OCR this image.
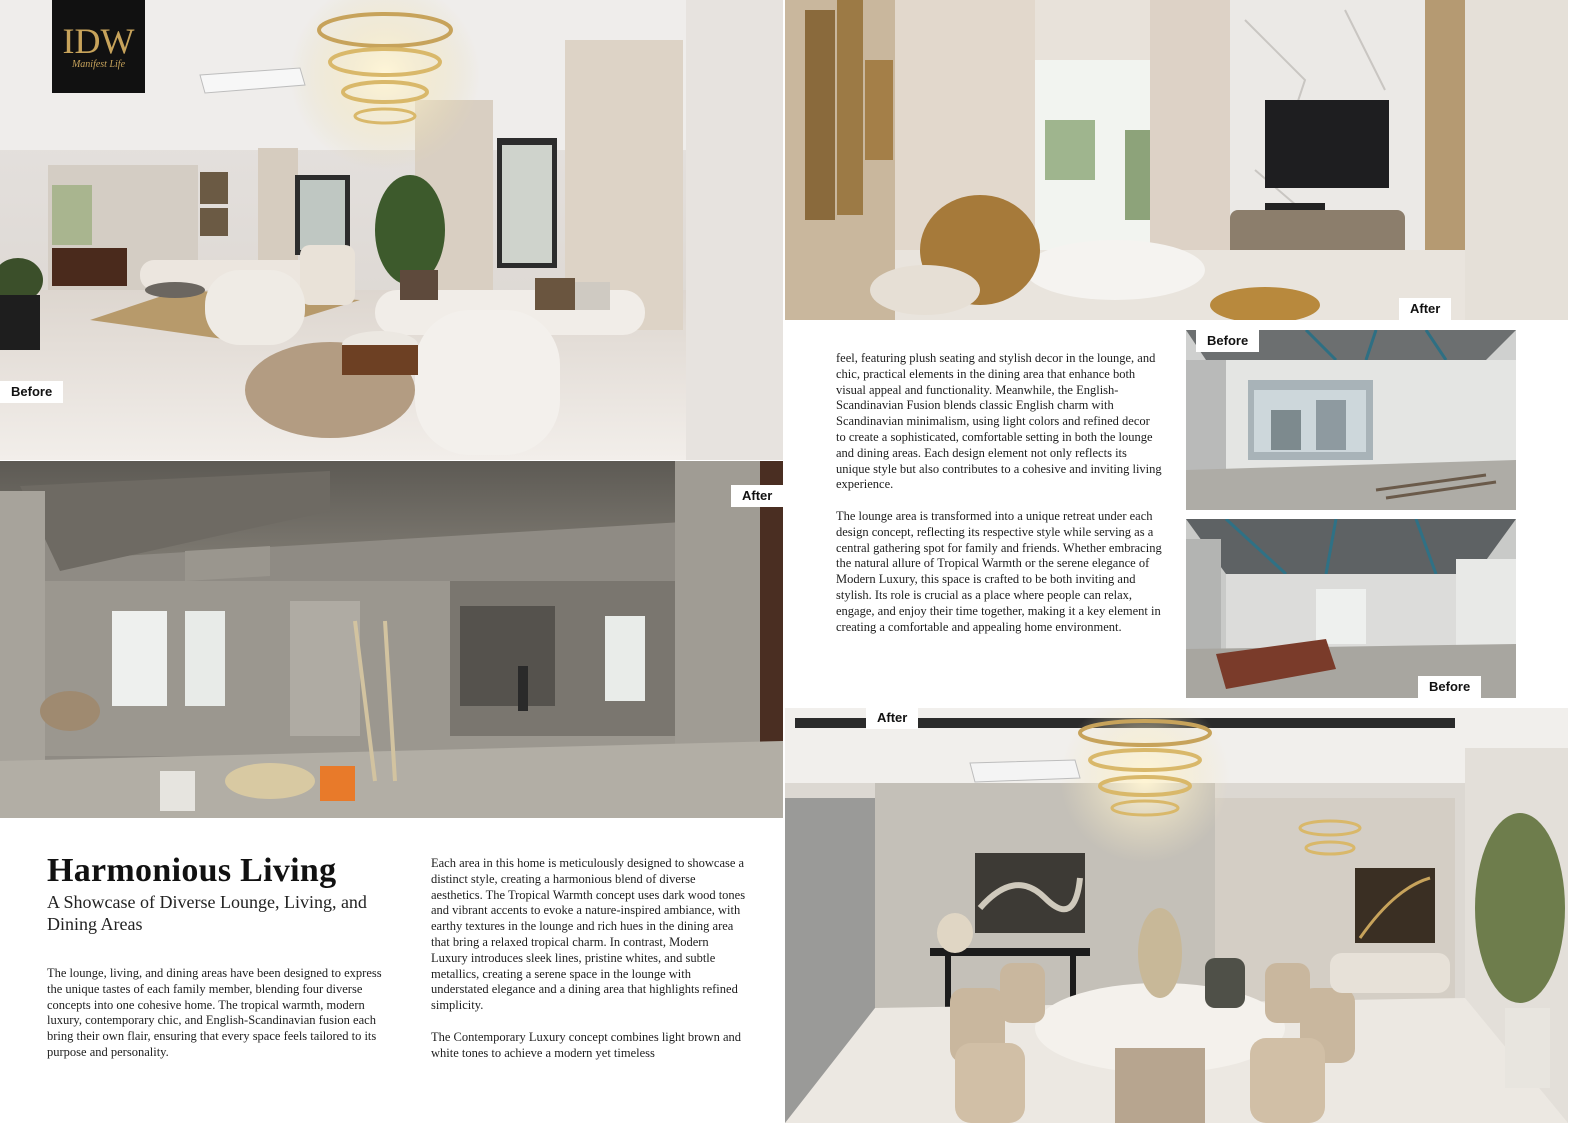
Before
IDW
Manifest Life
After
After
Before
Before
After
Harmonious Living
A Showcase of Diverse Lounge, Living, and Dining Areas

The lounge, living, and dining areas have been designed to express the unique tastes of each family member, blending four diverse concepts into one cohesive home. The tropical warmth, modern luxury, contemporary chic, and English-Scandinavian fusion each bring their own flair, ensuring that every space feels tailored to its purpose and personality.

Each area in this home is meticulously designed to showcase a distinct style, creating a harmonious blend of diverse aesthetics. The Tropical Warmth concept uses dark wood tones and vibrant accents to evoke a nature-inspired ambiance, with earthy textures in the lounge and rich hues in the dining area that bring a relaxed tropical charm. In contrast, Modern Luxury introduces sleek lines, pristine whites, and subtle metallics, creating a serene space in the lounge with understated elegance and a dining area that highlights refined simplicity.

The Contemporary Luxury concept combines light brown and white tones to achieve a modern yet timeless

feel, featuring plush seating and stylish decor in the lounge, and chic, practical elements in the dining area that enhance both visual appeal and functionality. Meanwhile, the English-Scandinavian Fusion blends classic English charm with Scandinavian minimalism, using light colors and refined decor to create a sophisticated, comfortable setting in both the lounge and dining areas. Each design element not only reflects its unique style but also contributes to a cohesive and inviting living experience.

The lounge area is transformed into a unique retreat under each design concept, reflecting its respective style while serving as a central gathering spot for family and friends. Whether embracing the natural allure of Tropical Warmth or the serene elegance of Modern Luxury, this space is crafted to be both inviting and stylish. Its role is crucial as a place where people can relax, engage, and enjoy their time together, making it a key element in creating a comfortable and appealing home environment.
